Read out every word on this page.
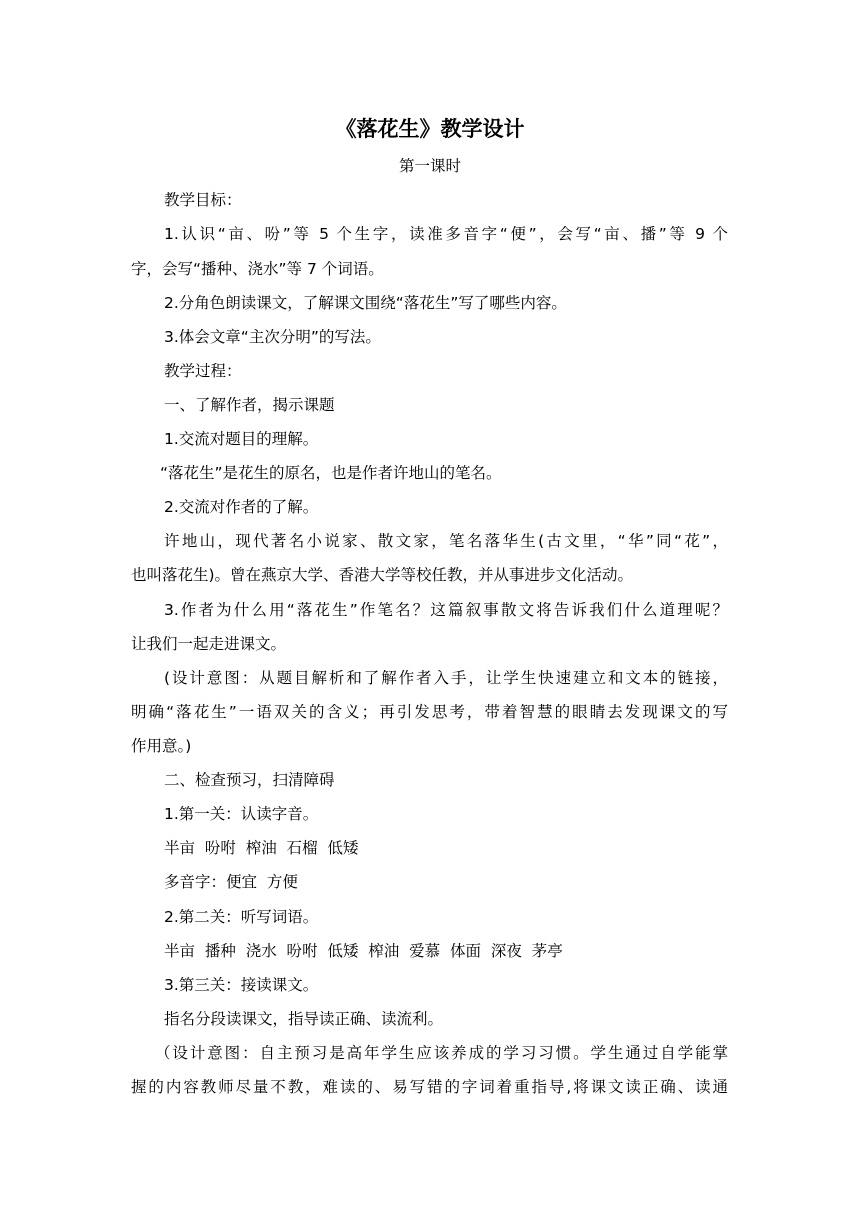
《落花生》教学设计
第一课时
教学目标：
1.认识“亩、吩”等 5 个生字，读准多音字“便”，会写“亩、播”等 9 个
字，会写“播种、浇水”等 7 个词语。
2.分角色朗读课文，了解课文围绕“落花生”写了哪些内容。
3.体会文章“主次分明”的写法。
教学过程：
一、了解作者，揭示课题
1.交流对题目的理解。
“落花生”是花生的原名，也是作者许地山的笔名。
2.交流对作者的了解。
许地山，现代著名小说家、散文家，笔名落华生(古文里，“华”同“花”，
也叫落花生)。曾在燕京大学、香港大学等校任教，并从事进步文化活动。
3.作者为什么用“落花生”作笔名？这篇叙事散文将告诉我们什么道理呢？
让我们一起走进课文。
(设计意图：从题目解析和了解作者入手，让学生快速建立和文本的链接，
明确“落花生”一语双关的含义；再引发思考，带着智慧的眼睛去发现课文的写
作用意。)
二、检查预习，扫清障碍
1.第一关：认读字音。
半亩  吩咐  榨油  石榴  低矮
多音字：便宜  方便
2.第二关：听写词语。
半亩  播种  浇水  吩咐  低矮  榨油  爱慕  体面  深夜  茅亭
3.第三关：接读课文。
指名分段读课文，指导读正确、读流利。
（设计意图：自主预习是高年学生应该养成的学习习惯。学生通过自学能掌
握的内容教师尽量不教，难读的、易写错的字词着重指导,将课文读正确、读通
